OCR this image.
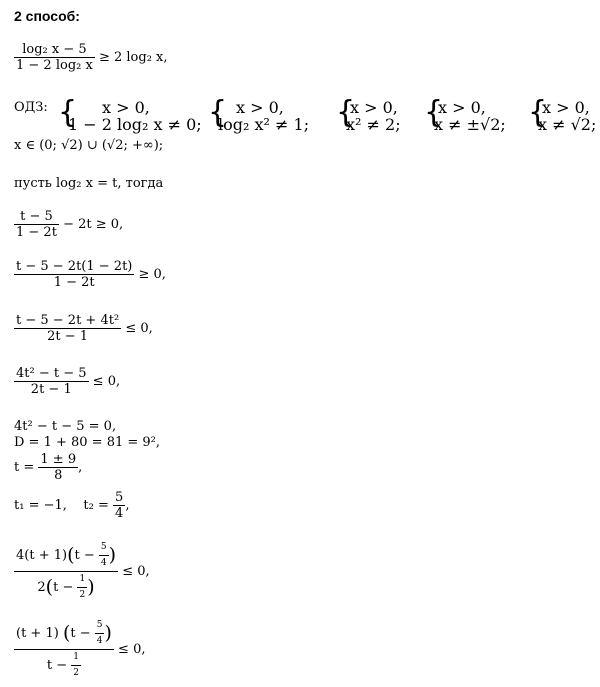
2 способ:
$\frac{\text{log₂ x − 5}}{\text{1 − 2 log₂ x}} \ge 2$ log₂ x,
ОДЗ: { x > 0,
1 − 2 log₂ x ≠ 0; { x > 0,
log₂ x² ≠ 1; {
x > 0,
x² ≠ 2; {
x > 0,
x ≠ ±√2; {
x > 0,
x ≠ √2;
x ∈ (0; √2) ∪ (√2; +∞);
пусть log₂ x = t, тогда
$\frac{t - 5}{1 - 2t} - 2t \ge 0$,
$\frac{t - 5 - 2t(1 - 2t)}{1 - 2t} \ge 0$,
$\frac{\text{t − 5 − 2t + 4t²}}{2t - 1} \le 0$,
$\frac{\text{4t² − t − 5}}{2t - 1} \le 0$,
4t² − t − 5 = 0,
D = 1 + 80 = 81 = 9²,
$t = \frac{1 \pm 9}{8}$ ,
t₁ = −1, $t_2 = \frac{5}{4}$ ,
$\frac{4(t + 1)(t - \frac{5}{4} )}{2(t - \frac{1}{2} )} \le 0$,
$\frac{(t + 1) (t - \frac{5}{4} )}{t - \frac{1}{2}} \le 0$,
